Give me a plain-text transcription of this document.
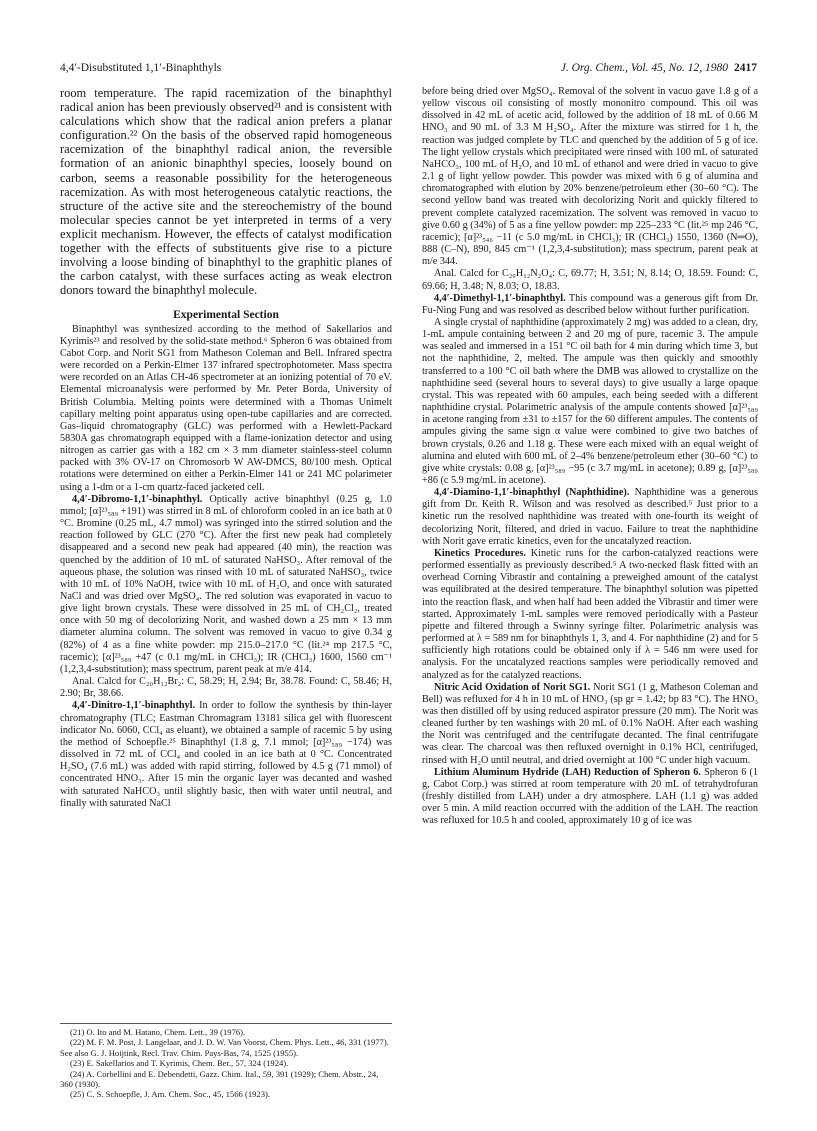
4,4′-Disubstituted 1,1′-Binaphthyls	J. Org. Chem., Vol. 45, No. 12, 1980 2417

room temperature. The rapid racemization of the binaphthyl radical anion has been previously observed²¹ and is consistent with calculations which show that the radical anion prefers a planar configuration.²² On the basis of the observed rapid homogeneous racemization of the binaphthyl radical anion, the reversible formation of an anionic binaphthyl species, loosely bound on carbon, seems a reasonable possibility for the heterogeneous racemization. As with most heterogeneous catalytic reactions, the structure of the active site and the stereochemistry of the bound molecular species cannot be yet interpreted in terms of a very explicit mechanism. However, the effects of catalyst modification together with the effects of substituents give rise to a picture involving a loose binding of binaphthyl to the graphitic planes of the carbon catalyst, with these surfaces acting as weak electron donors toward the binaphthyl molecule.

Experimental Section

Binaphthyl was synthesized according to the method of Sakellarios and Kyrimis²³ and resolved by the solid-state method.⁶ Spheron 6 was obtained from Cabot Corp. and Norit SG1 from Matheson Coleman and Bell. Infrared spectra were recorded on a Perkin-Elmer 137 infrared spectrophotometer. Mass spectra were recorded on an Atlas CH-46 spectrometer at an ionizing potential of 70 eV. Elemental microanalysis were performed by Mr. Peter Borda, University of British Columbia. Melting points were determined with a Thomas Unimelt capillary melting point apparatus using open-tube capillaries and are corrected. Gas–liquid chromatography (GLC) was performed with a Hewlett-Packard 5830A gas chromatograph equipped with a flame-ionization detector and using nitrogen as carrier gas with a 182 cm × 3 mm diameter stainless-steel column packed with 3% OV-17 on Chromosorb W AW-DMCS, 80/100 mesh. Optical rotations were determined on either a Perkin-Elmer 141 or 241 MC polarimeter using a 1-dm or a 1-cm quartz-faced jacketed cell.

4,4′-Dibromo-1,1′-binaphthyl. Optically active binaphthyl (0.25 g, 1.0 mmol; [α]²³₅₈₉ +191) was stirred in 8 mL of chloroform cooled in an ice bath at 0 °C. Bromine (0.25 mL, 4.7 mmol) was syringed into the stirred solution and the reaction followed by GLC (270 °C). After the first new peak had completely disappeared and a second new peak had appeared (40 min), the reaction was quenched by the addition of 10 mL of saturated NaHSO₃. After removal of the aqueous phase, the solution was rinsed with 10 mL of saturated NaHSO₃, twice with 10 mL of 10% NaOH, twice with 10 mL of H₂O, and once with saturated NaCl and was dried over MgSO₄. The red solution was evaporated in vacuo to give light brown crystals. These were dissolved in 25 mL of CH₂Cl₂, treated once with 50 mg of decolorizing Norit, and washed down a 25 mm × 13 mm diameter alumina column. The solvent was removed in vacuo to give 0.34 g (82%) of 4 as a fine white powder: mp 215.0–217.0 °C (lit.²⁴ mp 217.5 °C, racemic); [α]²³₅₈₉ +47 (c 0.1 mg/mL in CHCl₃); IR (CHCl₃) 1600, 1560 cm⁻¹ (1,2,3,4-substitution); mass spectrum, parent peak at m/e 414.

Anal. Calcd for C₂₀H₁₂Br₂: C, 58.29; H, 2.94; Br, 38.78. Found: C, 58.46; H, 2.90; Br, 38.66.

4,4′-Dinitro-1,1′-binaphthyl. In order to follow the synthesis by thin-layer chromatography (TLC; Eastman Chromagram 13181 silica gel with fluorescent indicator No. 6060, CCl₄ as eluant), we obtained a sample of racemic 5 by using the method of Schoepfle.²⁵ Binaphthyl (1.8 g, 7.1 mmol; [α]²³₅₈₉ −174) was dissolved in 72 mL of CCl₄ and cooled in an ice bath at 0 °C. Concentrated H₂SO₄ (7.6 mL) was added with rapid stirring, followed by 4.5 g (71 mmol) of concentrated HNO₃. After 15 min the organic layer was decanted and washed with saturated NaHCO₃ until slightly basic, then with water until neutral, and finally with saturated NaCl

(21) O. Ito and M. Hatano, Chem. Lett., 39 (1976).

(22) M. F. M. Post, J. Langelaar, and J. D. W. Van Voorst, Chem. Phys. Lett., 46, 331 (1977). See also G. J. Hoijtink, Recl. Trav. Chim. Pays-Bas, 74, 1525 (1955).

(23) E. Sakellarios and T. Kyrimis, Chem. Ber., 57, 324 (1924).

(24) A. Corbellini and E. Debendetti, Gazz. Chim. Ital., 59, 391 (1929); Chem. Abstr., 24, 360 (1930).

(25) C. S. Schoepfle, J. Am. Chem. Soc., 45, 1566 (1923).

before being dried over MgSO₄. Removal of the solvent in vacuo gave 1.8 g of a yellow viscous oil consisting of mostly mononitro compound. This oil was dissolved in 42 mL of acetic acid, followed by the addition of 18 mL of 0.66 M HNO₃ and 90 mL of 3.3 M H₂SO₄. After the mixture was stirred for 1 h, the reaction was judged complete by TLC and quenched by the addition of 5 g of ice. The light yellow crystals which precipitated were rinsed with 100 mL of saturated NaHCO₃, 100 mL of H₂O, and 10 mL of ethanol and were dried in vacuo to give 2.1 g of light yellow powder. This powder was mixed with 6 g of alumina and chromatographed with elution by 20% benzene/petroleum ether (30–60 °C). The second yellow band was treated with decolorizing Norit and quickly filtered to prevent complete catalyzed racemization. The solvent was removed in vacuo to give 0.60 g (34%) of 5 as a fine yellow powder: mp 225–233 °C (lit.²⁵ mp 246 °C, racemic); [α]²³₅₄₆ −11 (c 5.0 mg/mL in CHCl₃); IR (CHCl₃) 1550, 1360 (N═O), 888 (C–N), 890, 845 cm⁻¹ (1,2,3,4-substitution); mass spectrum, parent peak at m/e 344.

Anal. Calcd for C₂₀H₁₂N₂O₄: C, 69.77; H, 3.51; N, 8.14; O, 18.59. Found: C, 69.66; H, 3.48; N, 8.03; O, 18.83.

4,4′-Dimethyl-1,1′-binaphthyl. This compound was a generous gift from Dr. Fu-Ning Fung and was resolved as described below without further purification.

A single crystal of naphthidine (approximately 2 mg) was added to a clean, dry, 1-mL ampule containing between 2 and 20 mg of pure, racemic 3. The ampule was sealed and immersed in a 151 °C oil bath for 4 min during which time 3, but not the naphthidine, 2, melted. The ampule was then quickly and smoothly transferred to a 100 °C oil bath where the DMB was allowed to crystallize on the naphthidine seed (several hours to several days) to give usually a large opaque crystal. This was repeated with 60 ampules, each being seeded with a different naphthidine crystal. Polarimetric analysis of the ampule contents showed [α]²³₅₈₉ in acetone ranging from ±31 to ±157 for the 60 different ampules. The contents of ampules giving the same sign α value were combined to give two batches of brown crystals, 0.26 and 1.18 g. These were each mixed with an equal weight of alumina and eluted with 600 mL of 2–4% benzene/petroleum ether (30–60 °C) to give white crystals: 0.08 g, [α]²³₅₈₉ −95 (c 3.7 mg/mL in acetone); 0.89 g, [α]²³₅₈₉ +86 (c 5.9 mg/mL in acetone).

4,4′-Diamino-1,1′-binaphthyl (Naphthidine). Naphthidine was a generous gift from Dr. Keith R. Wilson and was resolved as described.⁵ Just prior to a kinetic run the resolved naphthidine was treated with one-fourth its weight of decolorizing Norit, filtered, and dried in vacuo. Failure to treat the naphthidine with Norit gave erratic kinetics, even for the uncatalyzed reaction.

Kinetics Procedures. Kinetic runs for the carbon-catalyzed reactions were performed essentially as previously described.⁵ A two-necked flask fitted with an overhead Corning Vibrastir and containing a preweighed amount of the catalyst was equilibrated at the desired temperature. The binaphthyl solution was pipetted into the reaction flask, and when half had been added the Vibrastir and timer were started. Approximately 1-mL samples were removed periodically with a Pasteur pipette and filtered through a Swinny syringe filter. Polarimetric analysis was performed at λ = 589 nm for binaphthyls 1, 3, and 4. For naphthidine (2) and for 5 sufficiently high rotations could be obtained only if λ = 546 nm were used for analysis. For the uncatalyzed reactions samples were periodically removed and analyzed as for the catalyzed reactions.

Nitric Acid Oxidation of Norit SG1. Norit SG1 (1 g, Matheson Coleman and Bell) was refluxed for 4 h in 10 mL of HNO₃ (sp gr = 1.42; bp 83 °C). The HNO₃ was then distilled off by using reduced aspirator pressure (20 mm). The Norit was cleaned further by ten washings with 20 mL of 0.1% NaOH. After each washing the Norit was centrifuged and the centrifugate decanted. The final centrifugate was clear. The charcoal was then refluxed overnight in 0.1% HCl, centrifuged, rinsed with H₂O until neutral, and dried overnight at 100 °C under high vacuum.

Lithium Aluminum Hydride (LAH) Reduction of Spheron 6. Spheron 6 (1 g, Cabot Corp.) was stirred at room temperature with 20 mL of tetrahydrofuran (freshly distilled from LAH) under a dry atmosphere. LAH (1.1 g) was added over 5 min. A mild reaction occurred with the addition of the LAH. The reaction was refluxed for 10.5 h and cooled, approximately 10 g of ice was
